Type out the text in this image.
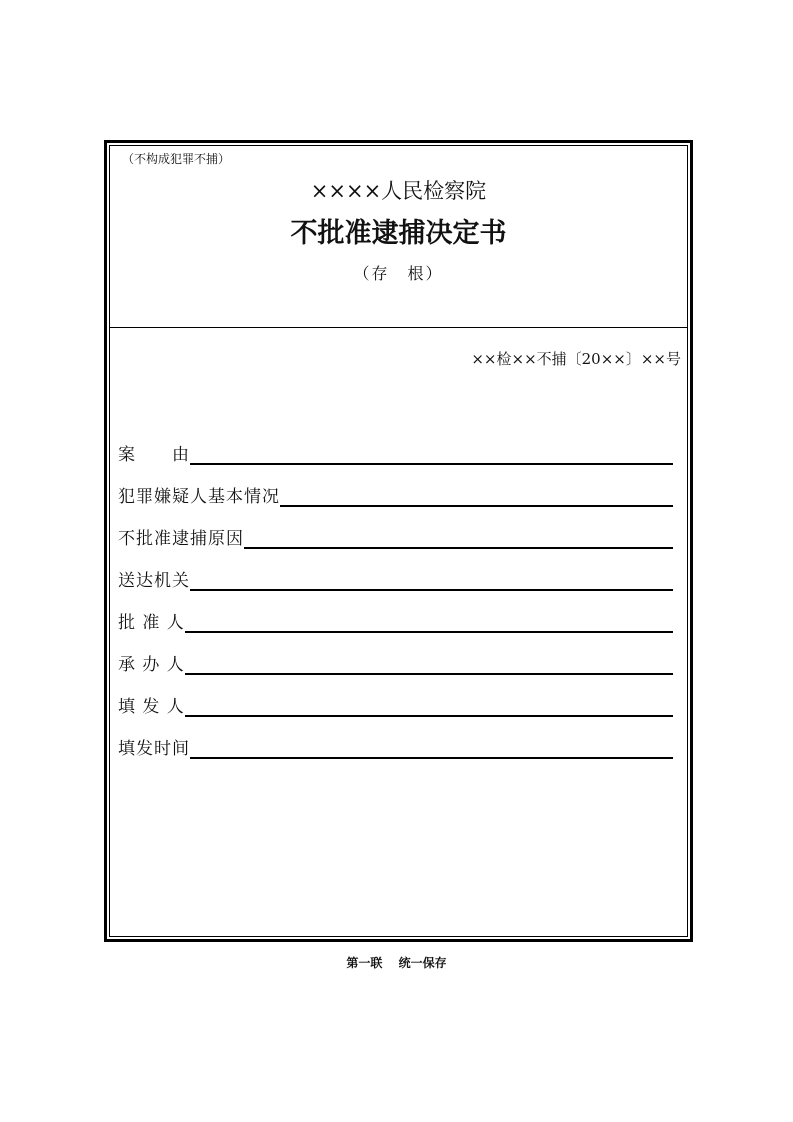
（不构成犯罪不捕）
××××人民检察院
不批准逮捕决定书
（存　根）
××检××不捕〔20××〕××号
案　　由
犯罪嫌疑人基本情况
不批准逮捕原因
送达机关
批 准 人
承 办 人
填 发 人
填发时间
第一联　 统一保存
